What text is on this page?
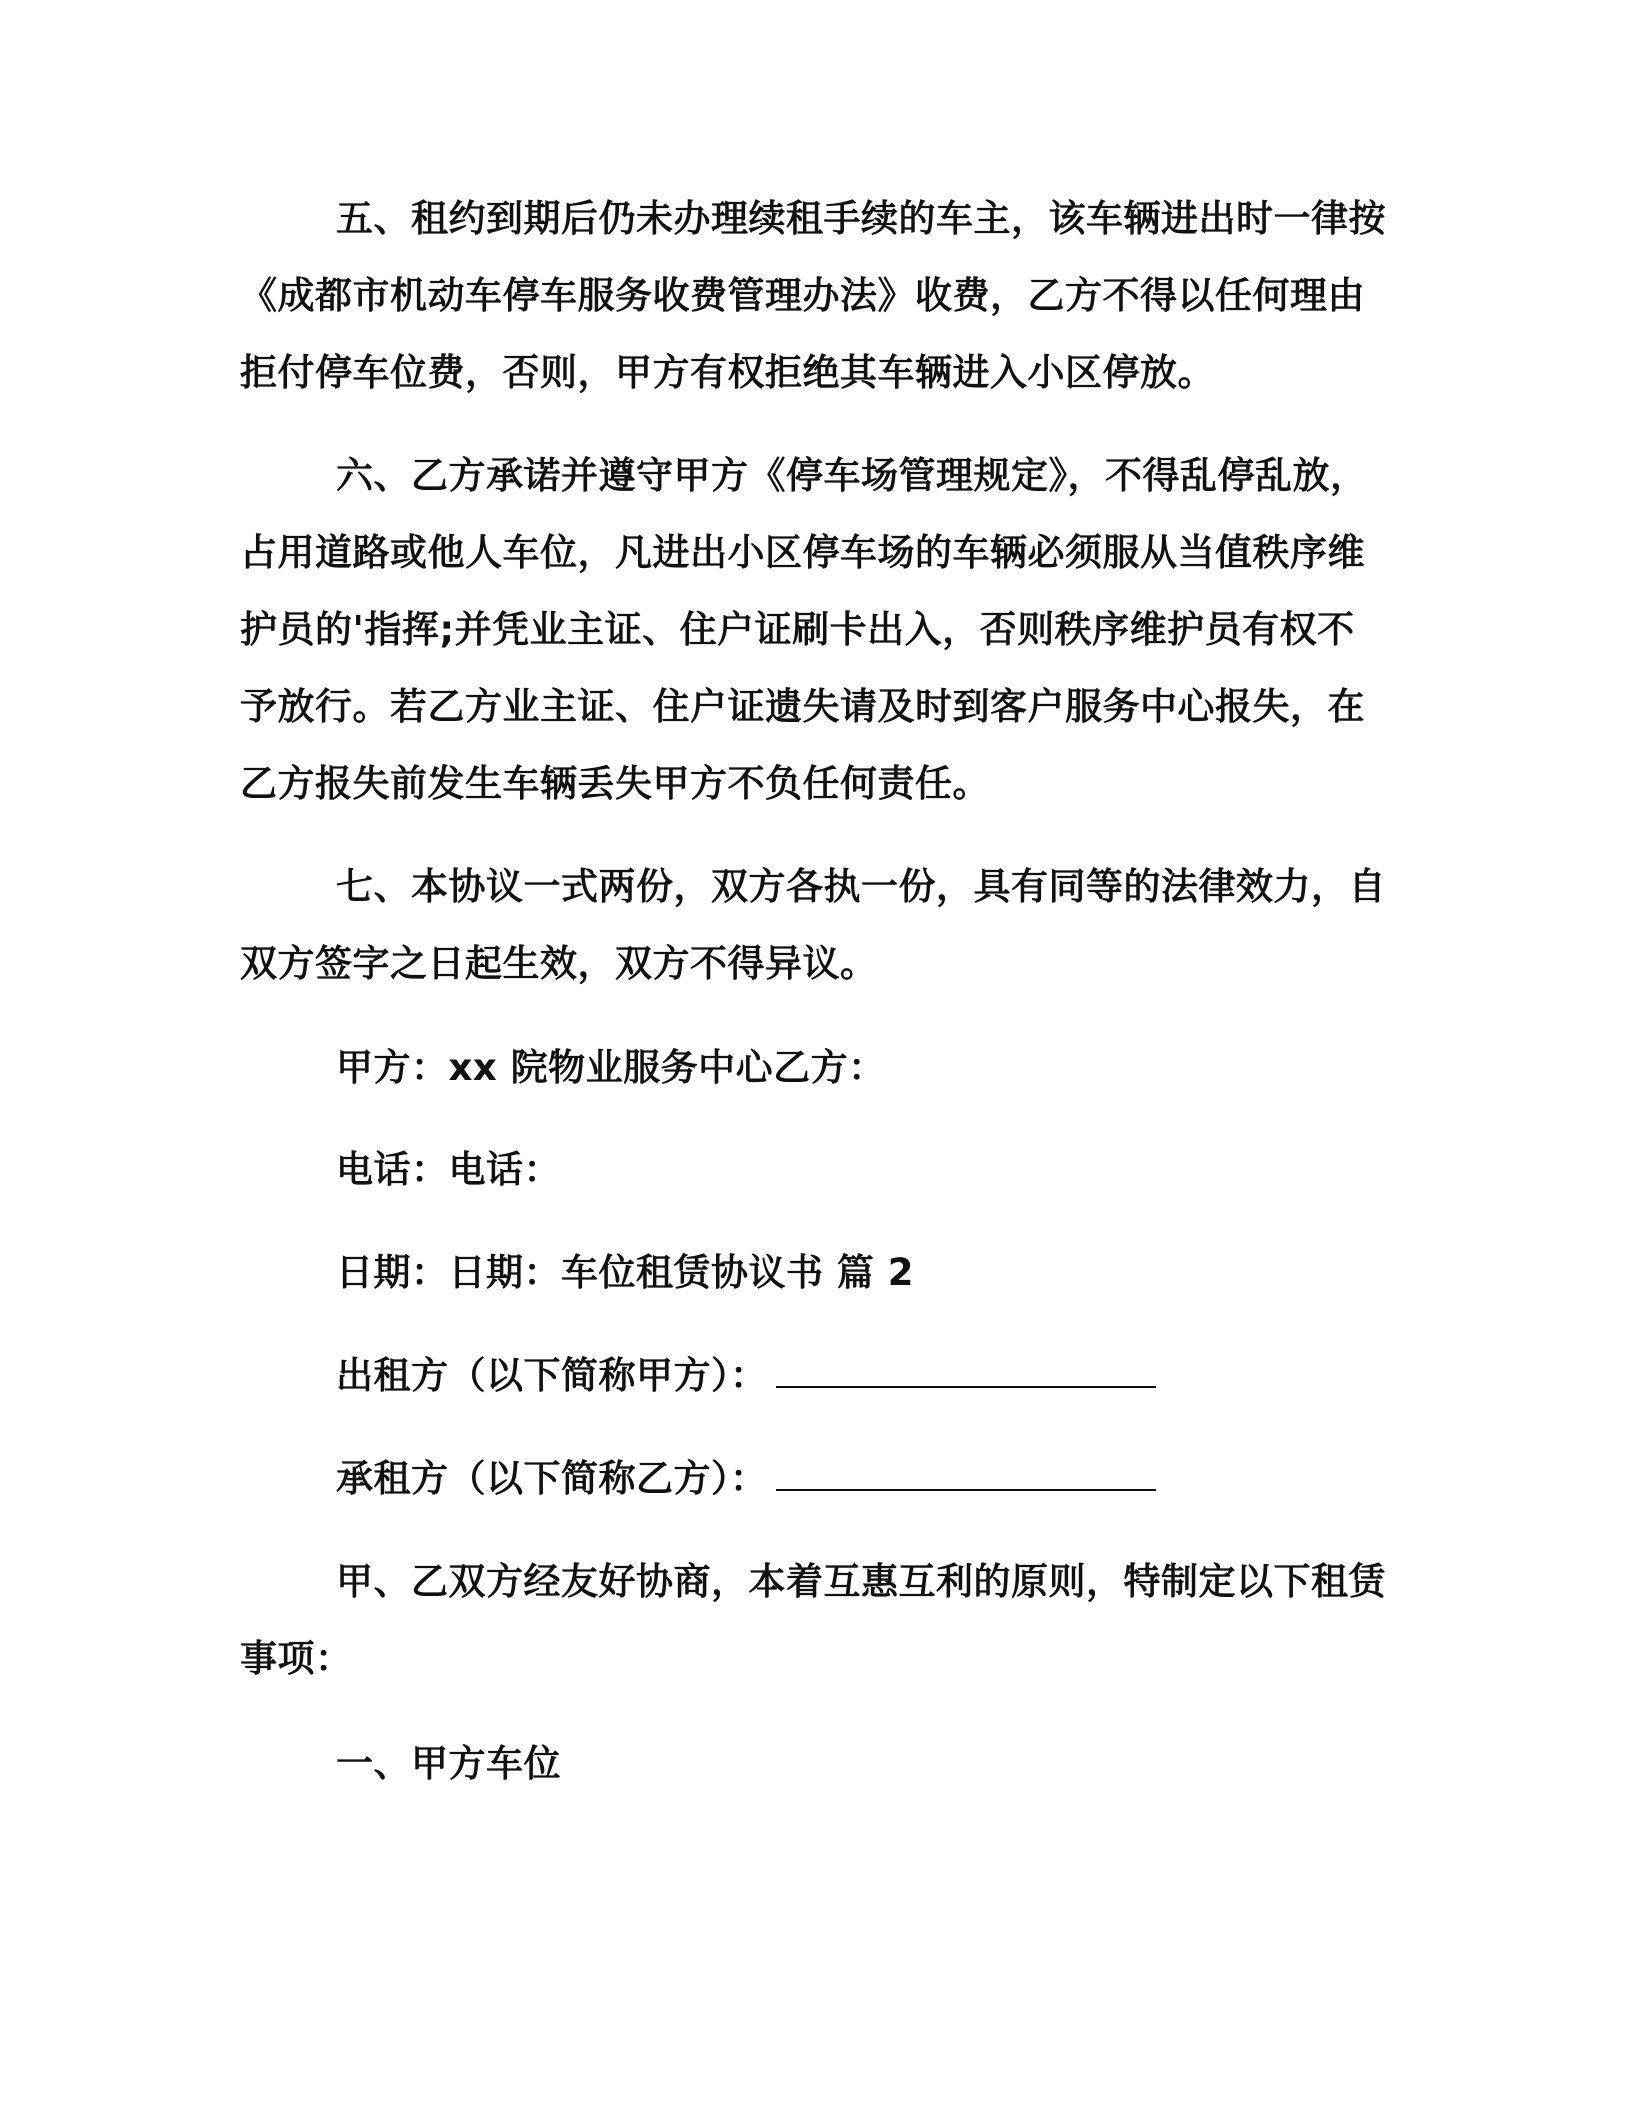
五、租约到期后仍未办理续租手续的车主，该车辆进出时一律按《成都市机动车停车服务收费管理办法》收费，乙方不得以任何理由拒付停车位费，否则，甲方有权拒绝其车辆进入小区停放。

六、乙方承诺并遵守甲方《停车场管理规定》，不得乱停乱放，占用道路或他人车位，凡进出小区停车场的车辆必须服从当值秩序维护员的'指挥;并凭业主证、住户证刷卡出入，否则秩序维护员有权不予放行。若乙方业主证、住户证遗失请及时到客户服务中心报失，在乙方报失前发生车辆丢失甲方不负任何责任。

七、本协议一式两份，双方各执一份，具有同等的法律效力，自双方签字之日起生效，双方不得异议。

甲方：xx 院物业服务中心乙方：

电话：电话：

日期：日期：车位租赁协议书 篇 2

出租方（以下简称甲方）：

承租方（以下简称乙方）：

甲、乙双方经友好协商，本着互惠互利的原则，特制定以下租赁事项：

一、甲方车位
